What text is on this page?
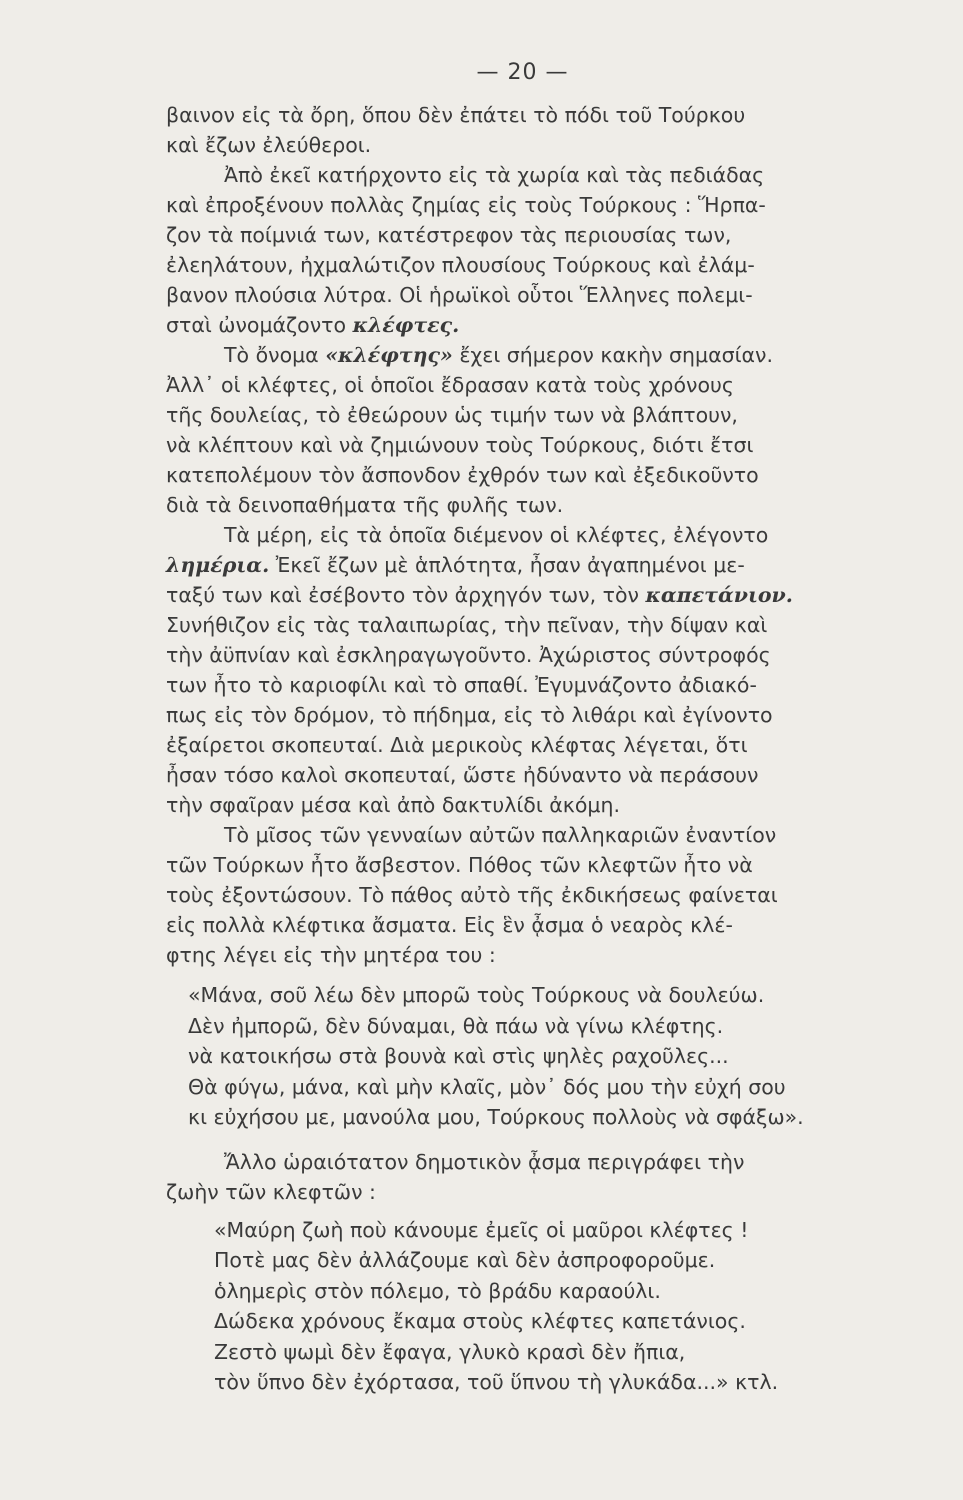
— 20 —

βαινον εἰς τὰ ὄρη, ὅπου δὲν ἐπάτει τὸ πόδι τοῦ Τούρκου
καὶ ἔζων ἐλεύθεροι.

Ἀπὸ ἐκεῖ κατήρχοντο εἰς τὰ χωρία καὶ τὰς πεδιάδας

καὶ ἐπροξένουν πολλὰς ζημίας εἰς τοὺς Τούρκους : Ἥρπα-
ζον τὰ ποίμνιά των, κατέστρεφον τὰς περιουσίας των,
ἐλεηλάτουν, ἠχμαλώτιζον πλουσίους Τούρκους καὶ ἐλάμ-
βανον πλούσια λύτρα. Οἱ ἡρωϊκοὶ οὗτοι Ἕλληνες πολεμι-
σταὶ ὠνομάζοντο κλέφτες.

Τὸ ὄνομα «κλέφτης» ἔχει σήμερον κακὴν σημασίαν.

Ἀλλ᾽ οἱ κλέφτες, οἱ ὁποῖοι ἔδρασαν κατὰ τοὺς χρόνους
τῆς δουλείας, τὸ ἐθεώρουν ὡς τιμήν των νὰ βλάπτουν,
νὰ κλέπτουν καὶ νὰ ζημιώνουν τοὺς Τούρκους, διότι ἔτσι
κατεπολέμουν τὸν ἄσπονδον ἐχθρόν των καὶ ἐξεδικοῦντο
διὰ τὰ δεινοπαθήματα τῆς φυλῆς των.

Τὰ μέρη, εἰς τὰ ὁποῖα διέμενον οἱ κλέφτες, ἐλέγοντο

λημέρια. Ἐκεῖ ἔζων μὲ ἁπλότητα, ἦσαν ἀγαπημένοι με-
ταξύ των καὶ ἐσέβοντο τὸν ἀρχηγόν των, τὸν καπετάνιον.
Συνήθιζον εἰς τὰς ταλαιπωρίας, τὴν πεῖναν, τὴν δίψαν καὶ
τὴν ἀϋπνίαν καὶ ἐσκληραγωγοῦντο. Ἀχώριστος σύντροφός
των ἦτο τὸ καριοφίλι καὶ τὸ σπαθί. Ἐγυμνάζοντο ἀδιακό-
πως εἰς τὸν δρόμον, τὸ πήδημα, εἰς τὸ λιθάρι καὶ ἐγίνοντο
ἐξαίρετοι σκοπευταί. Διὰ μερικοὺς κλέφτας λέγεται, ὅτι
ἦσαν τόσο καλοὶ σκοπευταί, ὥστε ἠδύναντο νὰ περάσουν
τὴν σφαῖραν μέσα καὶ ἀπὸ δακτυλίδι ἀκόμη.

Τὸ μῖσος τῶν γενναίων αὐτῶν παλληκαριῶν ἐναντίον

τῶν Τούρκων ἦτο ἄσβεστον. Πόθος τῶν κλεφτῶν ἦτο νὰ
τοὺς ἐξοντώσουν. Τὸ πάθος αὐτὸ τῆς ἐκδικήσεως φαίνεται
εἰς πολλὰ κλέφτικα ἄσματα. Εἰς ἓν ᾆσμα ὁ νεαρὸς κλέ-
φτης λέγει εἰς τὴν μητέρα του :

«Μάνα, σοῦ λέω δὲν μπορῶ τοὺς Τούρκους νὰ δουλεύω.
Δὲν ἠμπορῶ, δὲν δύναμαι, θὰ πάω νὰ γίνω κλέφτης.
νὰ κατοικήσω στὰ βουνὰ καὶ στὶς ψηλὲς ραχοῦλες...
Θὰ φύγω, μάνα, καὶ μὴν κλαῖς, μὸν᾽ δός μου τὴν εὐχή σου
κι εὐχήσου με, μανούλα μου, Τούρκους πολλοὺς νὰ σφάξω».

Ἄλλο ὡραιότατον δημοτικὸν ᾆσμα περιγράφει τὴν

ζωὴν τῶν κλεφτῶν :

«Μαύρη ζωὴ ποὺ κάνουμε ἐμεῖς οἱ μαῦροι κλέφτες !
Ποτὲ μας δὲν ἀλλάζουμε καὶ δὲν ἀσπροφοροῦμε.
ὁλημερὶς στὸν πόλεμο, τὸ βράδυ καραούλι.
Δώδεκα χρόνους ἔκαμα στοὺς κλέφτες καπετάνιος.
Ζεστὸ ψωμὶ δὲν ἔφαγα, γλυκὸ κρασὶ δὲν ἤπια,
τὸν ὕπνο δὲν ἐχόρτασα, τοῦ ὕπνου τὴ γλυκάδα...» κτλ.
